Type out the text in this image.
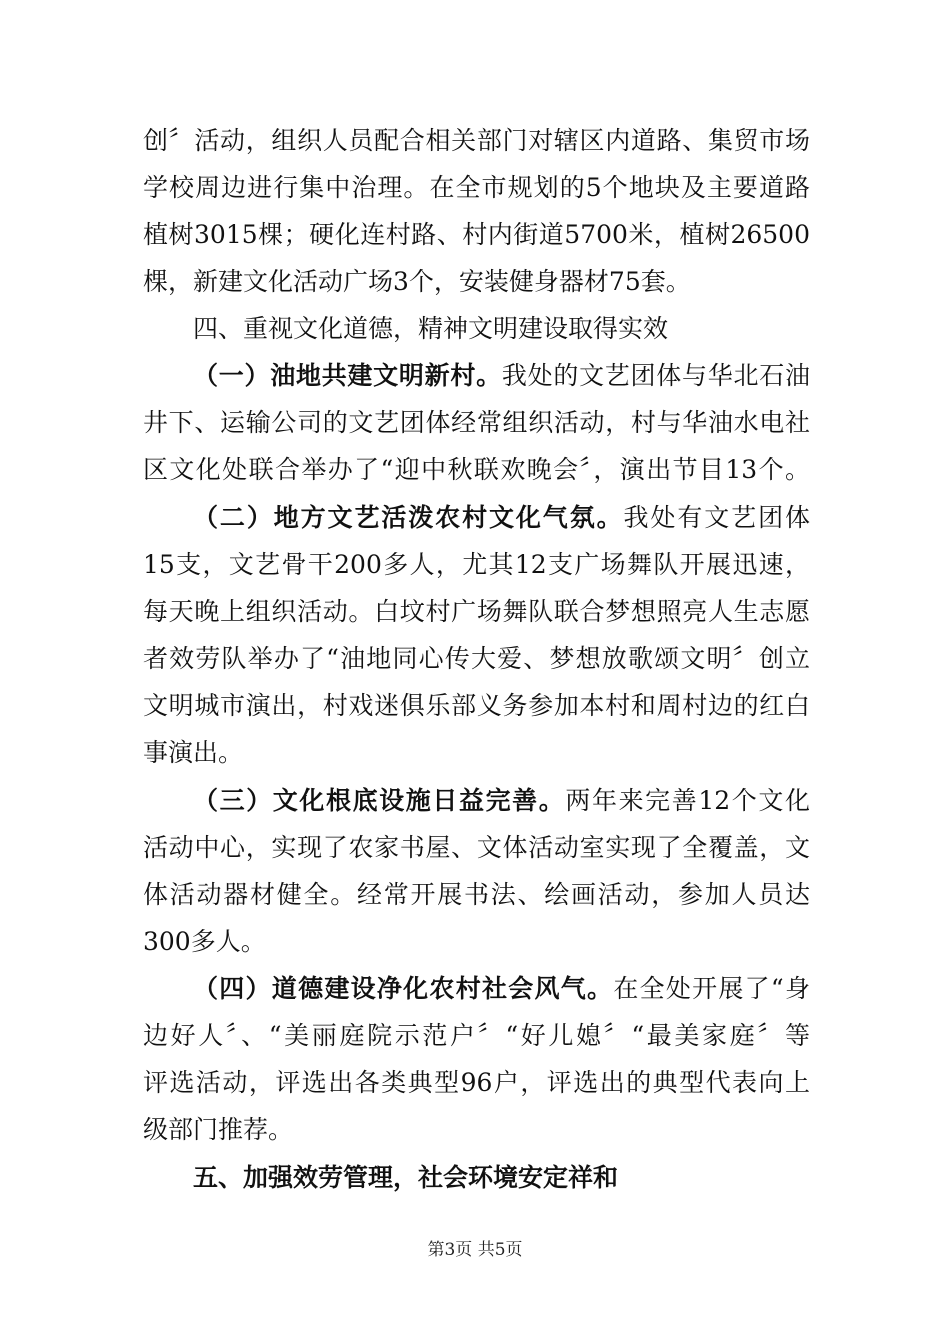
创〞活动，组织人员配合相关部门对辖区内道路、集贸市场
学校周边进行集中治理。在全市规划的5个地块及主要道路
植树3015棵；硬化连村路、村内街道5700米，植树26500
棵，新建文化活动广场3个，安装健身器材75套。
四、重视文化道德，精神文明建设取得实效
（一）油地共建文明新村。我处的文艺团体与华北石油
井下、运输公司的文艺团体经常组织活动，村与华油水电社
区文化处联合举办了“迎中秋联欢晚会〞，演出节目13个。
（二）地方文艺活泼农村文化气氛。我处有文艺团体
15支，文艺骨干200多人，尤其12支广场舞队开展迅速，
每天晚上组织活动。白坟村广场舞队联合梦想照亮人生志愿
者效劳队举办了“油地同心传大爱、梦想放歌颂文明〞创立
文明城市演出，村戏迷俱乐部义务参加本村和周村边的红白
事演出。
（三）文化根底设施日益完善。两年来完善12个文化
活动中心，实现了农家书屋、文体活动室实现了全覆盖，文
体活动器材健全。经常开展书法、绘画活动，参加人员达
300多人。
（四）道德建设净化农村社会风气。在全处开展了“身
边好人〞、“美丽庭院示范户〞“好儿媳〞“最美家庭〞等
评选活动，评选出各类典型96户，评选出的典型代表向上
级部门推荐。
五、加强效劳管理，社会环境安定祥和
第3页 共5页
